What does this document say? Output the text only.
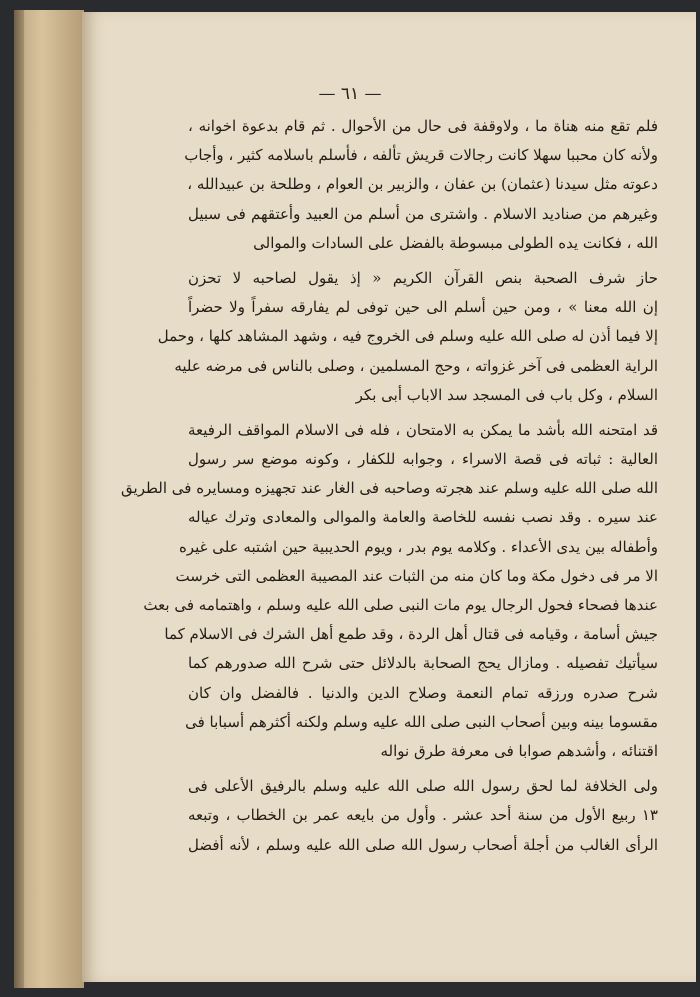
— ٦١ —
فلم تقع منه هناة ما ، ولاوقفة فى حال من الأحوال . ثم قام بدعوة اخوانه ،
ولأنه كان محببا سهلا كانت رجالات قريش تألفه ، فأسلم باسلامه كثير ، وأجاب
دعوته مثل سيدنا (عثمان) بن عفان ، والزبير بن العوام ، وطلحة بن عبيدالله ،
وغيرهم من صناديد الاسلام . واشترى من أسلم من العبيد وأعتقهم فى سبيل
الله ، فكانت يده الطولى مبسوطة بالفضل على السادات والموالى
حاز شرف الصحبة بنص القرآن الكريم « إذ يقول لصاحبه لا تحزن
إن الله معنا » ، ومن حين أسلم الى حين توفى لم يفارقه سفراً ولا حضراً
إلا فيما أذن له صلى الله عليه وسلم فى الخروج فيه ، وشهد المشاهد كلها ، وحمل
الراية العظمى فى آخر غزواته ، وحج المسلمين ، وصلى بالناس فى مرضه عليه
السلام ، وكل باب فى المسجد سد الاباب أبى بكر
قد امتحنه الله بأشد ما يمكن به الامتحان ، فله فى الاسلام المواقف الرفيعة
العالية : ثباته فى قصة الاسراء ، وجوابه للكفار ، وكونه موضع سر رسول
الله صلى الله عليه وسلم عند هجرته وصاحبه فى الغار عند تجهيزه ومسايره فى الطريق
عند سيره . وقد نصب نفسه للخاصة والعامة والموالى والمعادى وترك عياله
وأطفاله بين يدى الأعداء . وكلامه يوم بدر ، ويوم الحديبية حين اشتبه على غيره
الا مر فى دخول مكة وما كان منه من الثبات عند المصيبة العظمى التى خرست
عندها فصحاء فحول الرجال يوم مات النبى صلى الله عليه وسلم ، واهتمامه فى بعث
جيش أسامة ، وقيامه فى قتال أهل الردة ، وقد طمع أهل الشرك فى الاسلام كما
سيأتيك تفصيله . ومازال يحج الصحابة بالدلائل حتى شرح الله صدورهم كما
شرح صدره ورزقه تمام النعمة وصلاح الدين والدنيا . فالفضل وان كان
مقسوما بينه وبين أصحاب النبى صلى الله عليه وسلم ولكنه أكثرهم أسبابا فى
اقتنائه ، وأشدهم صوابا فى معرفة طرق نواله
ولى الخلافة لما لحق رسول الله صلى الله عليه وسلم بالرفيق الأعلى فى
١٣ ربيع الأول من سنة أحد عشر . وأول من بايعه عمر بن الخطاب ، وتبعه
الرأى الغالب من أجلة أصحاب رسول الله صلى الله عليه وسلم ، لأنه أفضل
